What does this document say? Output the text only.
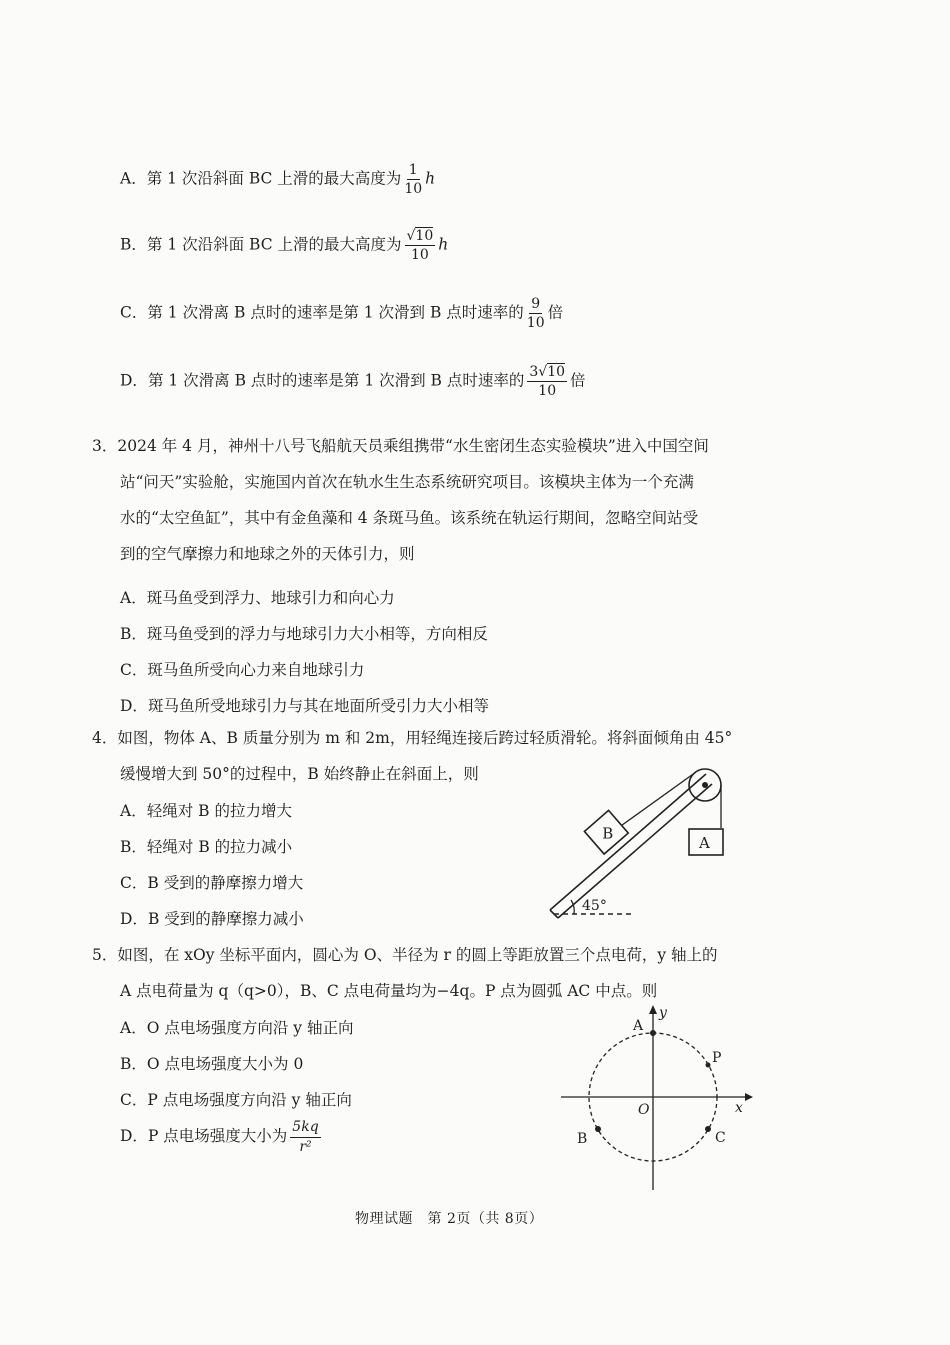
A．第 1 次沿斜面 BC 上滑的最大高度为 $\frac{1}{10}$ h
B．第 1 次沿斜面 BC 上滑的最大高度为 $\frac{√10}{10}$ h
C．第 1 次滑离 B 点时的速率是第 1 次滑到 B 点时速率的 $\frac{9}{10}$ 倍
D．第 1 次滑离 B 点时的速率是第 1 次滑到 B 点时速率的 $\frac{3√10}{10}$ 倍
3．2024 年 4 月，神州十八号飞船航天员乘组携带“水生密闭生态实验模块”进入中国空间
站“问天”实验舱，实施国内首次在轨水生生态系统研究项目。该模块主体为一个充满
水的“太空鱼缸”，其中有金鱼藻和 4 条斑马鱼。该系统在轨运行期间，忽略空间站受
到的空气摩擦力和地球之外的天体引力，则
A．斑马鱼受到浮力、地球引力和向心力
B．斑马鱼受到的浮力与地球引力大小相等，方向相反
C．斑马鱼所受向心力来自地球引力
D．斑马鱼所受地球引力与其在地面所受引力大小相等
4．如图，物体 A、B 质量分别为 m 和 2m，用轻绳连接后跨过轻质滑轮。将斜面倾角由 45°
缓慢增大到 50°的过程中，B 始终静止在斜面上，则
A．轻绳对 B 的拉力增大
B．轻绳对 B 的拉力减小
C．B 受到的静摩擦力增大
D．B 受到的静摩擦力减小
B
A
45°
5．如图，在 xOy 坐标平面内，圆心为 O、半径为 r 的圆上等距放置三个点电荷，y 轴上的
A 点电荷量为 q（q>0），B、C 点电荷量均为−4q。P 点为圆弧 AC 中点。则
A．O 点电场强度方向沿 y 轴正向
B．O 点电场强度大小为 0
C．P 点电场强度方向沿 y 轴正向
D．P 点电场强度大小为 $\frac{5kq}{\text{r²}}$
A
y
P
O	x
B	C
物理试题　第 2页（共 8页）
